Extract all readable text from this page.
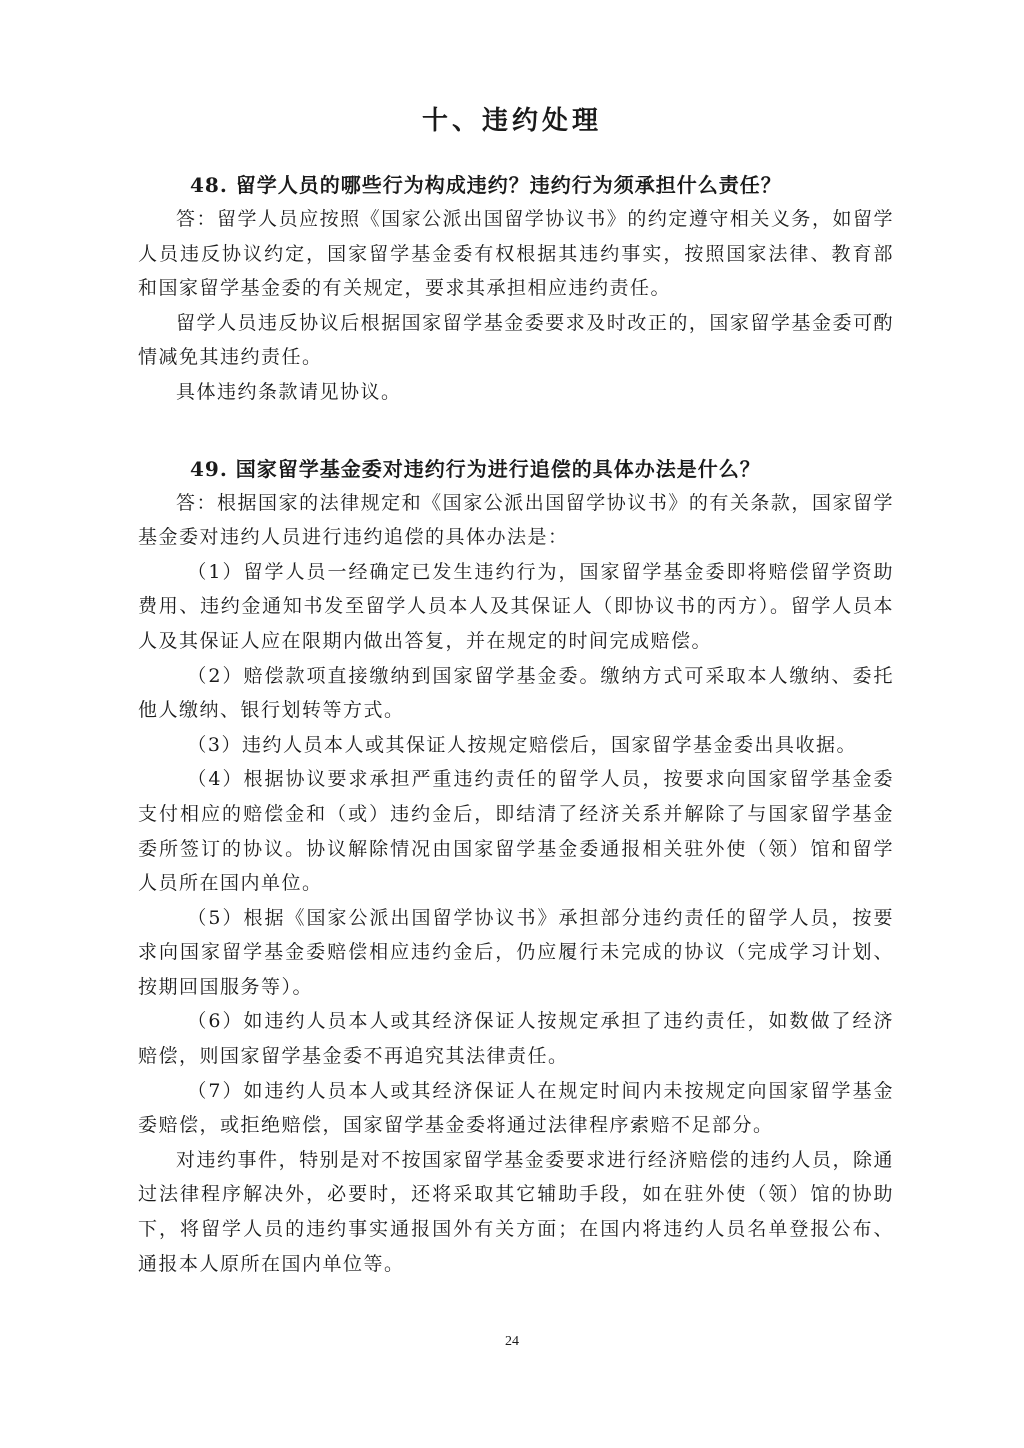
十、违约处理
48. 留学人员的哪些行为构成违约？违约行为须承担什么责任？

答：留学人员应按照《国家公派出国留学协议书》的约定遵守相关义务，如留学人员违反协议约定，国家留学基金委有权根据其违约事实，按照国家法律、教育部和国家留学基金委的有关规定，要求其承担相应违约责任。

留学人员违反协议后根据国家留学基金委要求及时改正的，国家留学基金委可酌情减免其违约责任。

具体违约条款请见协议。

49. 国家留学基金委对违约行为进行追偿的具体办法是什么？

答：根据国家的法律规定和《国家公派出国留学协议书》的有关条款，国家留学基金委对违约人员进行违约追偿的具体办法是：

（1）留学人员一经确定已发生违约行为，国家留学基金委即将赔偿留学资助费用、违约金通知书发至留学人员本人及其保证人（即协议书的丙方）。留学人员本人及其保证人应在限期内做出答复，并在规定的时间完成赔偿。

（2）赔偿款项直接缴纳到国家留学基金委。缴纳方式可采取本人缴纳、委托他人缴纳、银行划转等方式。

（3）违约人员本人或其保证人按规定赔偿后，国家留学基金委出具收据。

（4）根据协议要求承担严重违约责任的留学人员，按要求向国家留学基金委支付相应的赔偿金和（或）违约金后，即结清了经济关系并解除了与国家留学基金委所签订的协议。协议解除情况由国家留学基金委通报相关驻外使（领）馆和留学人员所在国内单位。

（5）根据《国家公派出国留学协议书》承担部分违约责任的留学人员，按要求向国家留学基金委赔偿相应违约金后，仍应履行未完成的协议（完成学习计划、按期回国服务等）。

（6）如违约人员本人或其经济保证人按规定承担了违约责任，如数做了经济赔偿，则国家留学基金委不再追究其法律责任。

（7）如违约人员本人或其经济保证人在规定时间内未按规定向国家留学基金委赔偿，或拒绝赔偿，国家留学基金委将通过法律程序索赔不足部分。

对违约事件，特别是对不按国家留学基金委要求进行经济赔偿的违约人员，除通过法律程序解决外，必要时，还将采取其它辅助手段，如在驻外使（领）馆的协助下，将留学人员的违约事实通报国外有关方面；在国内将违约人员名单登报公布、通报本人原所在国内单位等。

24
